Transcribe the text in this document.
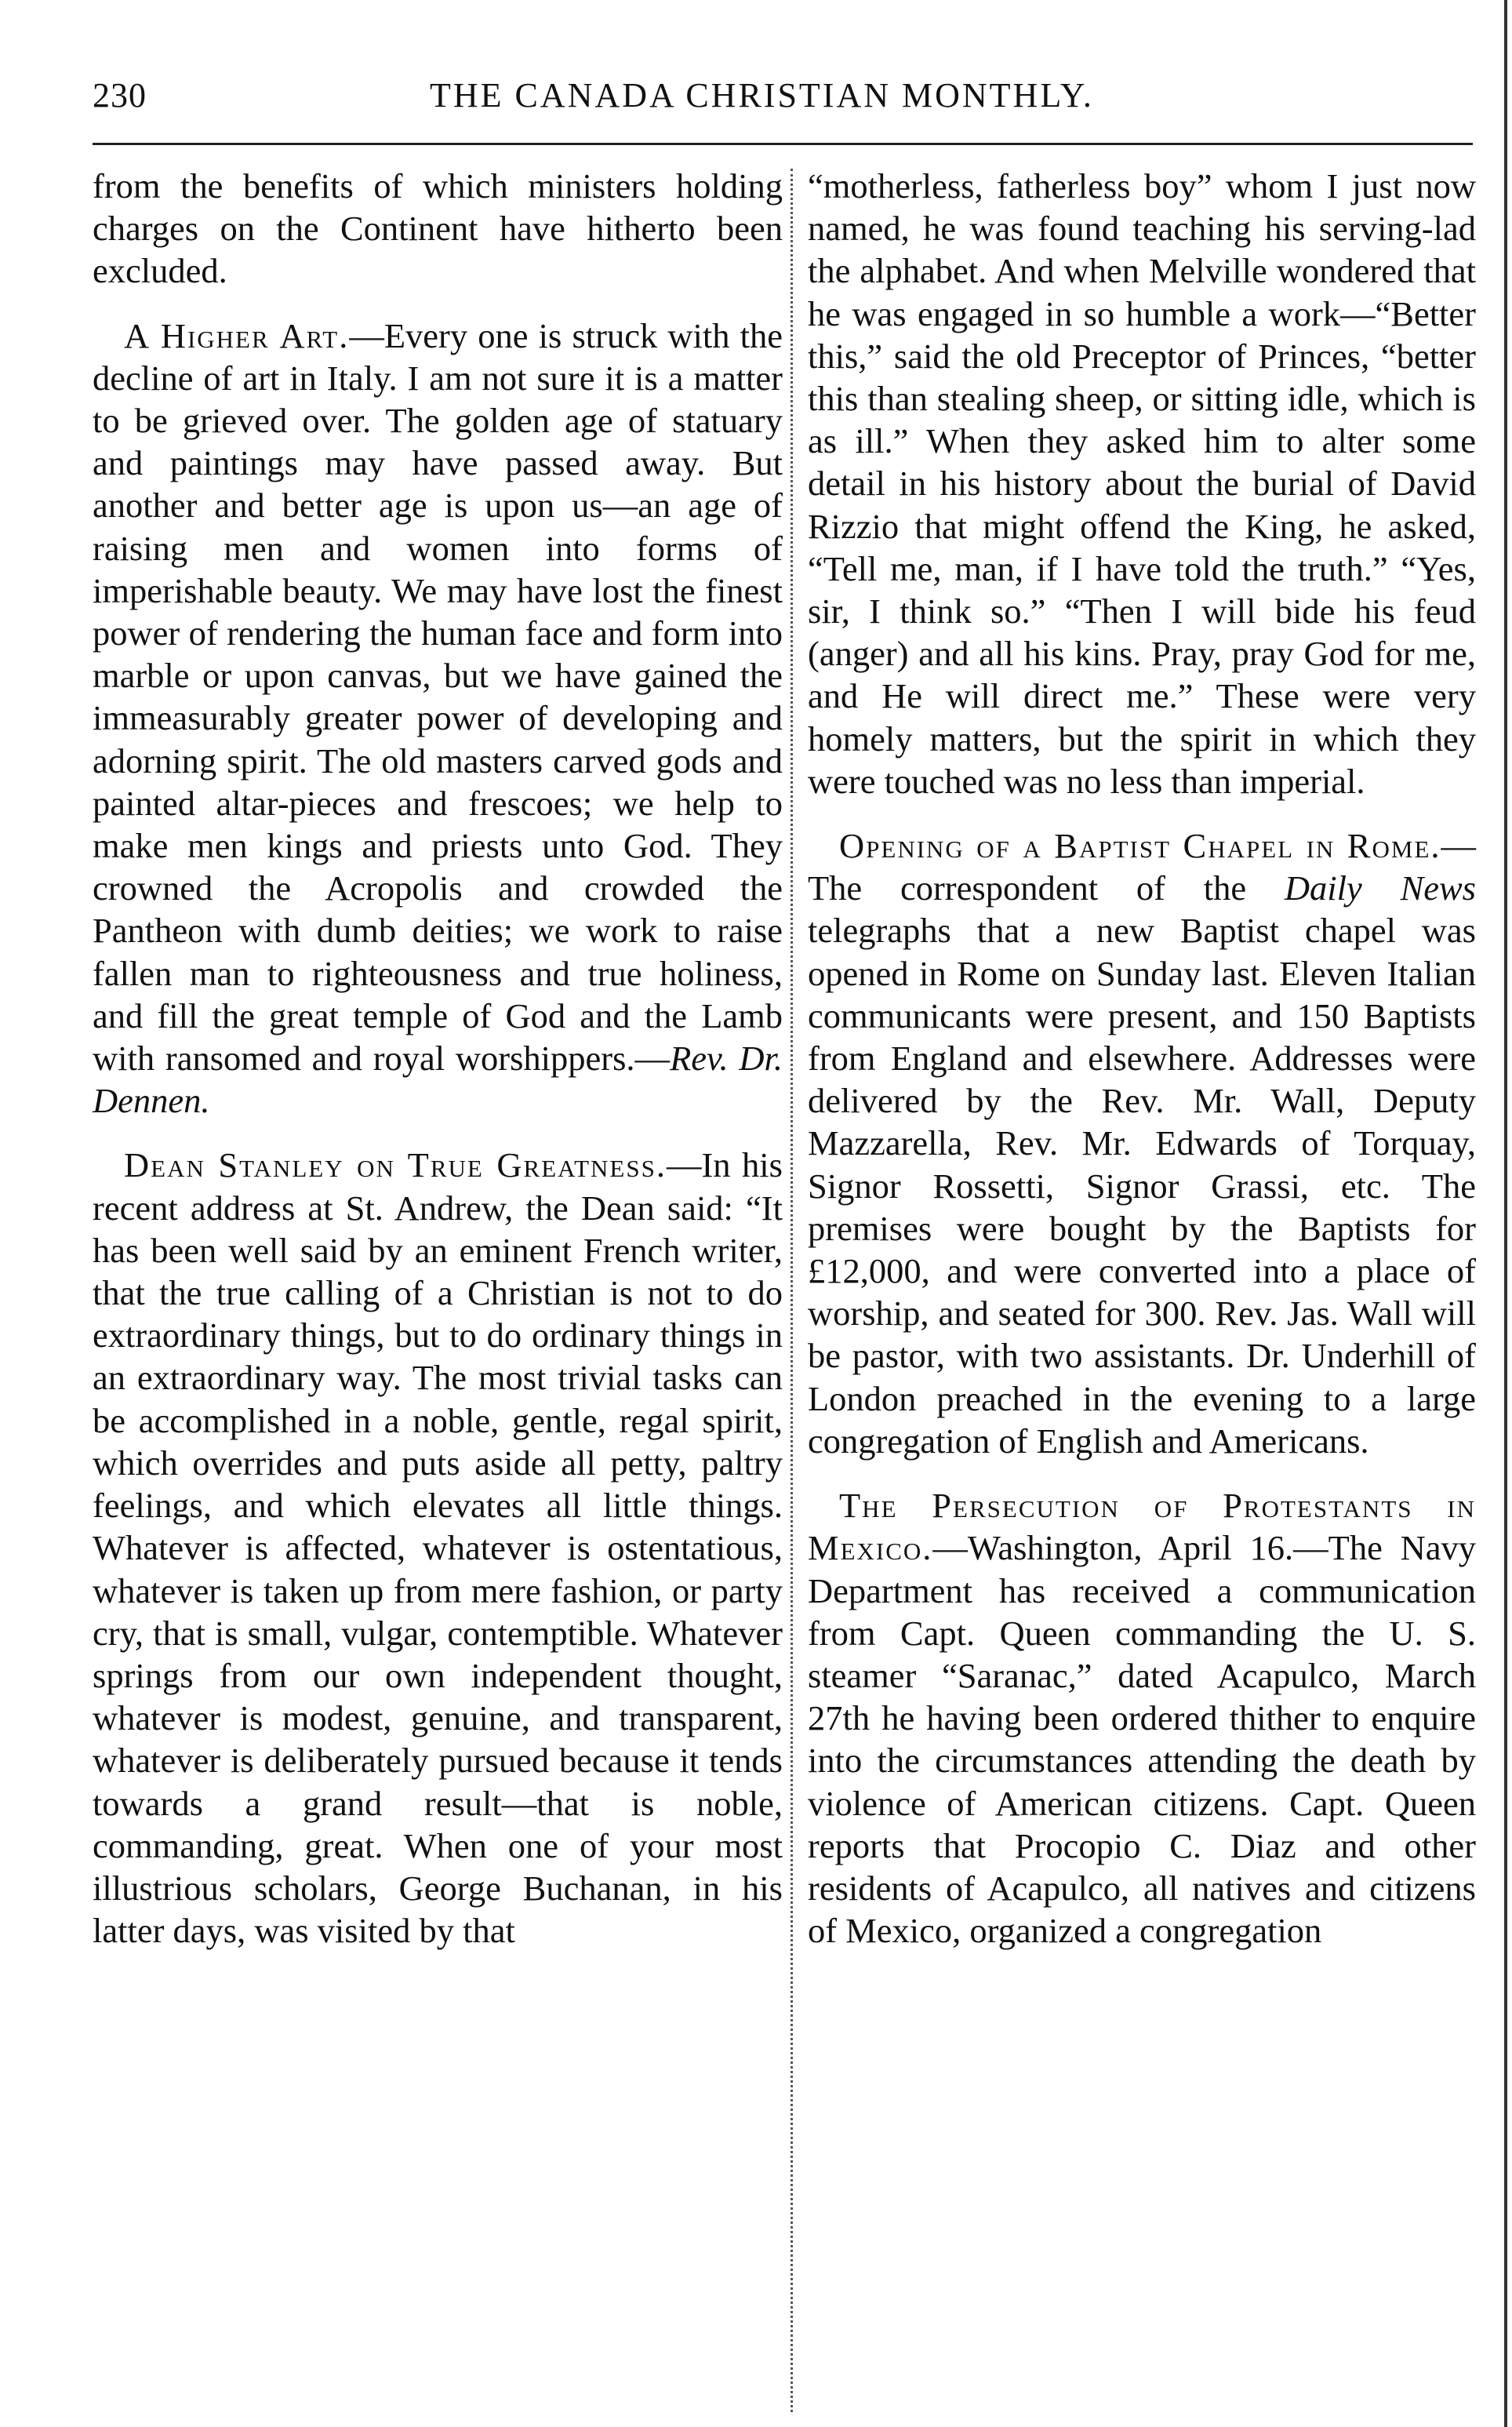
230	THE CANADA CHRISTIAN MONTHLY.

from the benefits of which ministers holding charges on the Continent have hitherto been excluded.

A Higher Art.—Every one is struck with the decline of art in Italy. I am not sure it is a matter to be grieved over. The golden age of statuary and paintings may have passed away. But another and better age is upon us—an age of raising men and women into forms of imperishable beauty. We may have lost the finest power of rendering the human face and form into marble or upon canvas, but we have gained the immeasurably greater power of developing and adorning spirit. The old masters carved gods and painted altar-pieces and frescoes; we help to make men kings and priests unto God. They crowned the Acropolis and crowded the Pantheon with dumb deities; we work to raise fallen man to righteousness and true holiness, and fill the great temple of God and the Lamb with ransomed and royal worshippers.—Rev. Dr. Dennen.

Dean Stanley on True Greatness.—In his recent address at St. Andrew, the Dean said: “It has been well said by an eminent French writer, that the true calling of a Christian is not to do extraordinary things, but to do ordinary things in an extraordinary way. The most trivial tasks can be accomplished in a noble, gentle, regal spirit, which overrides and puts aside all petty, paltry feelings, and which elevates all little things. Whatever is affected, whatever is ostentatious, whatever is taken up from mere fashion, or party cry, that is small, vulgar, contemptible. Whatever springs from our own independent thought, whatever is modest, genuine, and transparent, whatever is deliberately pursued because it tends towards a grand result—that is noble, commanding, great. When one of your most illustrious scholars, George Buchanan, in his latter days, was visited by that

“motherless, fatherless boy” whom I just now named, he was found teaching his serving-lad the alphabet. And when Melville wondered that he was engaged in so humble a work—“Better this,” said the old Preceptor of Princes, “better this than stealing sheep, or sitting idle, which is as ill.” When they asked him to alter some detail in his history about the burial of David Rizzio that might offend the King, he asked, “Tell me, man, if I have told the truth.” “Yes, sir, I think so.” “Then I will bide his feud (anger) and all his kins. Pray, pray God for me, and He will direct me.” These were very homely matters, but the spirit in which they were touched was no less than imperial.

Opening of a Baptist Chapel in Rome.—The correspondent of the Daily News telegraphs that a new Baptist chapel was opened in Rome on Sunday last. Eleven Italian communicants were present, and 150 Baptists from England and elsewhere. Addresses were delivered by the Rev. Mr. Wall, Deputy Mazzarella, Rev. Mr. Edwards of Torquay, Signor Rossetti, Signor Grassi, etc. The premises were bought by the Baptists for £12,000, and were converted into a place of worship, and seated for 300. Rev. Jas. Wall will be pastor, with two assistants. Dr. Underhill of London preached in the evening to a large congregation of English and Americans.

The Persecution of Protestants in Mexico.—Washington, April 16.—The Navy Department has received a communication from Capt. Queen commanding the U. S. steamer “Saranac,” dated Acapulco, March 27th he having been ordered thither to enquire into the circumstances attending the death by violence of American citizens. Capt. Queen reports that Procopio C. Diaz and other residents of Acapulco, all natives and citizens of Mexico, organized a congregation
